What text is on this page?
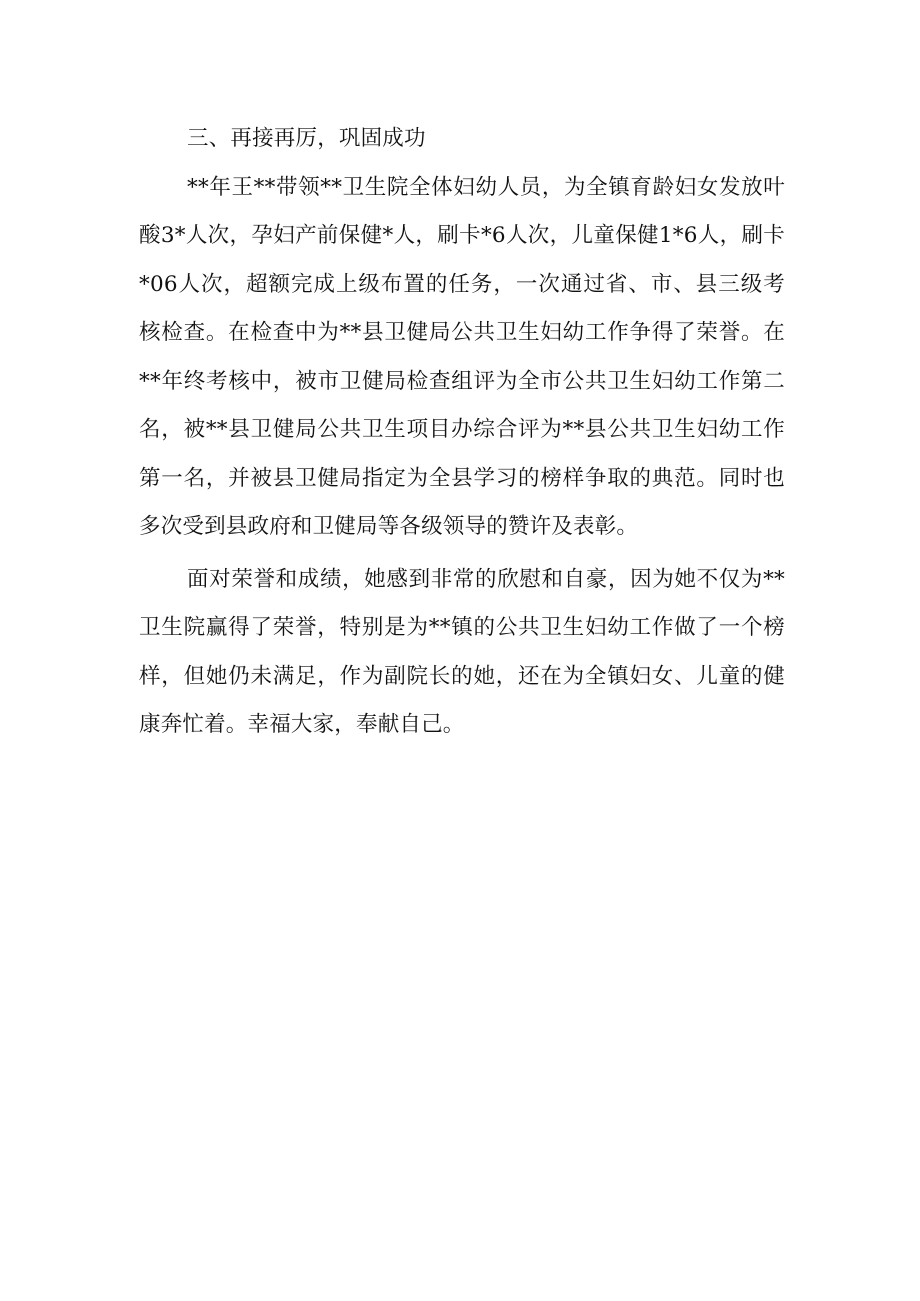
三、再接再厉，巩固成功

**年王**带领**卫生院全体妇幼人员，为全镇育龄妇女发放叶酸3*人次，孕妇产前保健*人，刷卡*6人次，儿童保健1*6人，刷卡*06人次，超额完成上级布置的任务，一次通过省、市、县三级考核检查。在检查中为**县卫健局公共卫生妇幼工作争得了荣誉。在**年终考核中，被市卫健局检查组评为全市公共卫生妇幼工作第二名，被**县卫健局公共卫生项目办综合评为**县公共卫生妇幼工作第一名，并被县卫健局指定为全县学习的榜样争取的典范。同时也多次受到县政府和卫健局等各级领导的赞许及表彰。

面对荣誉和成绩，她感到非常的欣慰和自豪，因为她不仅为**卫生院赢得了荣誉，特别是为**镇的公共卫生妇幼工作做了一个榜样，但她仍未满足，作为副院长的她，还在为全镇妇女、儿童的健康奔忙着。幸福大家，奉献自己。
